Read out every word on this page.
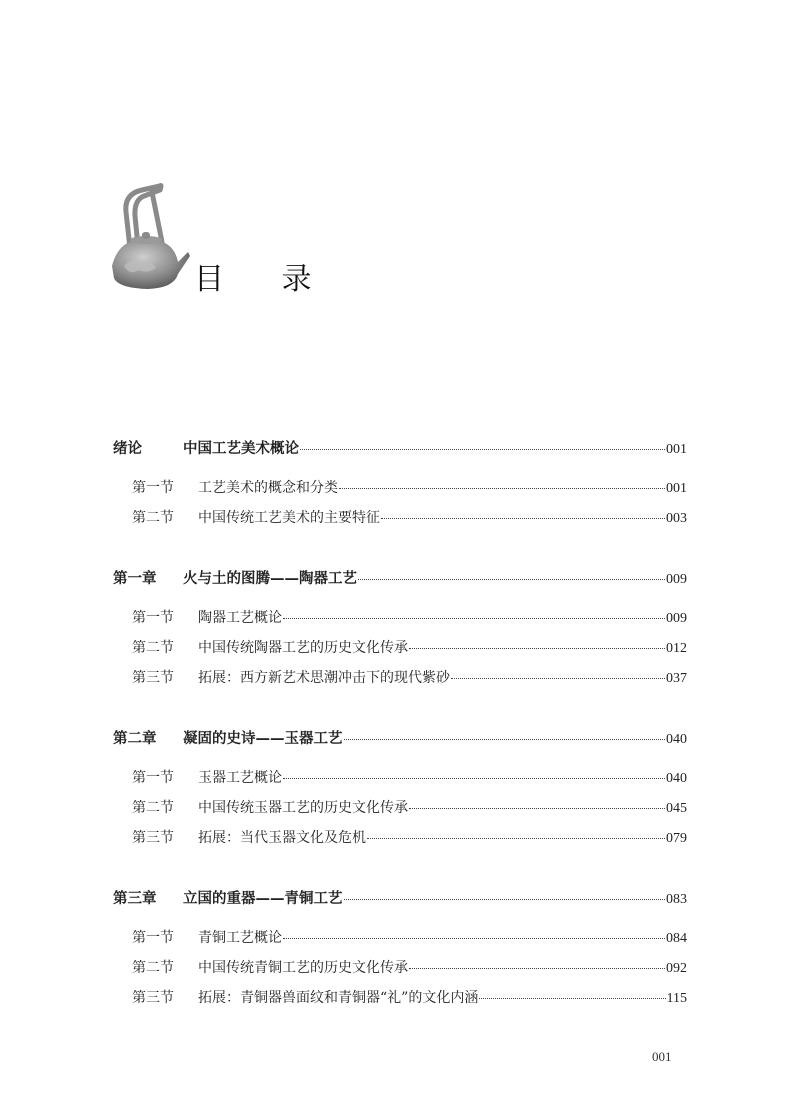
目 录
绪论	中国工艺美术概论	001
第一节	工艺美术的概念和分类	001
第二节	中国传统工艺美术的主要特征	003
第一章	火与土的图腾——陶器工艺	009
第一节	陶器工艺概论	009
第二节	中国传统陶器工艺的历史文化传承	012
第三节	拓展：西方新艺术思潮冲击下的现代紫砂	037
第二章	凝固的史诗——玉器工艺	040
第一节	玉器工艺概论	040
第二节	中国传统玉器工艺的历史文化传承	045
第三节	拓展：当代玉器文化及危机	079
第三章	立国的重器——青铜工艺	083
第一节	青铜工艺概论	084
第二节	中国传统青铜工艺的历史文化传承	092
第三节	拓展：青铜器兽面纹和青铜器“礼”的文化内涵	115
001
